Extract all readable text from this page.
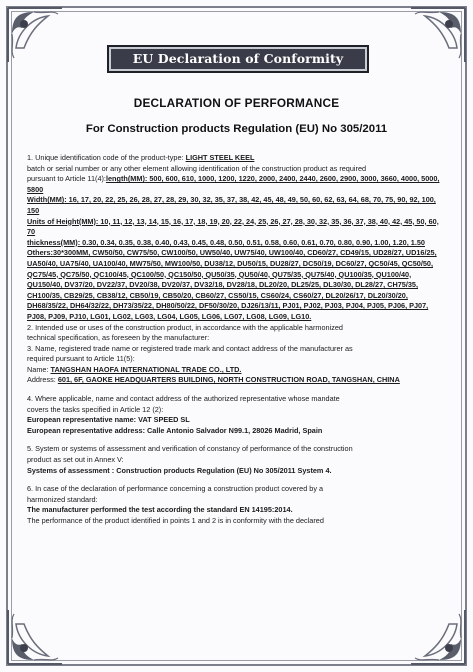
EU Declaration of Conformity
DECLARATION OF PERFORMANCE
For Construction products Regulation (EU) No 305/2011

1. Unique identification code of the product-type: LIGHT STEEL KEEL

batch or serial number or any other element allowing identification of the construction product as required

pursuant to Article 11(4):length(MM): 500, 600, 610, 1000, 1200, 1220, 2000, 2400, 2440, 2600, 2900, 3000, 3660, 4000, 5000, 5800

Width(MM): 16, 17, 20, 22, 25, 26, 28, 27, 28, 29, 30, 32, 35, 37, 38, 42, 45, 48, 49, 50, 60, 62, 63, 64, 68, 70, 75, 90, 92, 100, 150

Units of Height(MM): 10, 11, 12, 13, 14, 15, 16, 17, 18, 19, 20, 22, 24, 25, 26, 27, 28, 30, 32, 35, 36, 37, 38, 40, 42, 45, 50, 60, 70

thickness(MM): 0.30, 0.34, 0.35, 0.38, 0.40, 0.43, 0.45, 0.48, 0.50, 0.51, 0.58, 0.60, 0.61, 0.70, 0.80, 0.90, 1.00, 1.20, 1.50

Others:30*300MM, CW50/50, CW75/50, CW100/50, UW50/40, UW75/40, UW100/40, CD60/27, CD49/15, UD28/27, UD16/25, UA50/40, UA75/40, UA100/40, MW75/50, MW100/50, DU38/12, DU50/15, DU28/27, DC50/19, DC60/27, QC50/45, QC50/50, QC75/45, QC75/50, QC100/45, QC100/50, QC150/50, QU50/35, QU50/40, QU75/35, QU75/40, QU100/35, QU100/40, QU150/40, DV37/20, DV22/37, DV20/38, DV20/37, DV32/18, DV28/18, DL20/20, DL25/25, DL30/30, DL28/27, CH75/35, CH100/35, CB29/25, CB38/12, CB50/19, CB50/20, CB60/27, CS50/15, CS60/24, CS60/27, DL20/26/17, DL20/30/20, DH68/35/22, DH64/32/22, DH73/35/22, DH80/50/22, DF50/30/20, DJ26/13/11, PJ01, PJ02, PJ03, PJ04, PJ05, PJ06, PJ07, PJ08, PJ09, PJ10, LG01, LG02, LG03, LG04, LG05, LG06, LG07, LG08, LG09, LG10.

2. Intended use or uses of the construction product, in accordance with the applicable harmonized

technical specification, as foreseen by the manufacturer:

3. Name, registered trade name or registered trade mark and contact address of the manufacturer as

required pursuant to Article 11(5):

Name: TANGSHAN HAOFA INTERNATIONAL TRADE CO., LTD.

Address: 601, 6F, GAOKE HEADQUARTERS BUILDING, NORTH CONSTRUCTION ROAD, TANGSHAN, CHINA

4. Where applicable, name and contact address of the authorized representative whose mandate

covers the tasks specified in Article 12 (2):

European representative name: VAT SPEED SL

European representative address: Calle Antonio Salvador N99.1, 28026 Madrid, Spain

5. System or systems of assessment and verification of constancy of performance of the construction

product as set out in Annex V:

Systems of assessment : Construction products Regulation (EU) No 305/2011 System 4.

6. In case of the declaration of performance concerning a construction product covered by a

harmonized standard:

The manufacturer performed the test according the standard EN 14195:2014.

The performance of the product identified in points 1 and 2 is in conformity with the declared
